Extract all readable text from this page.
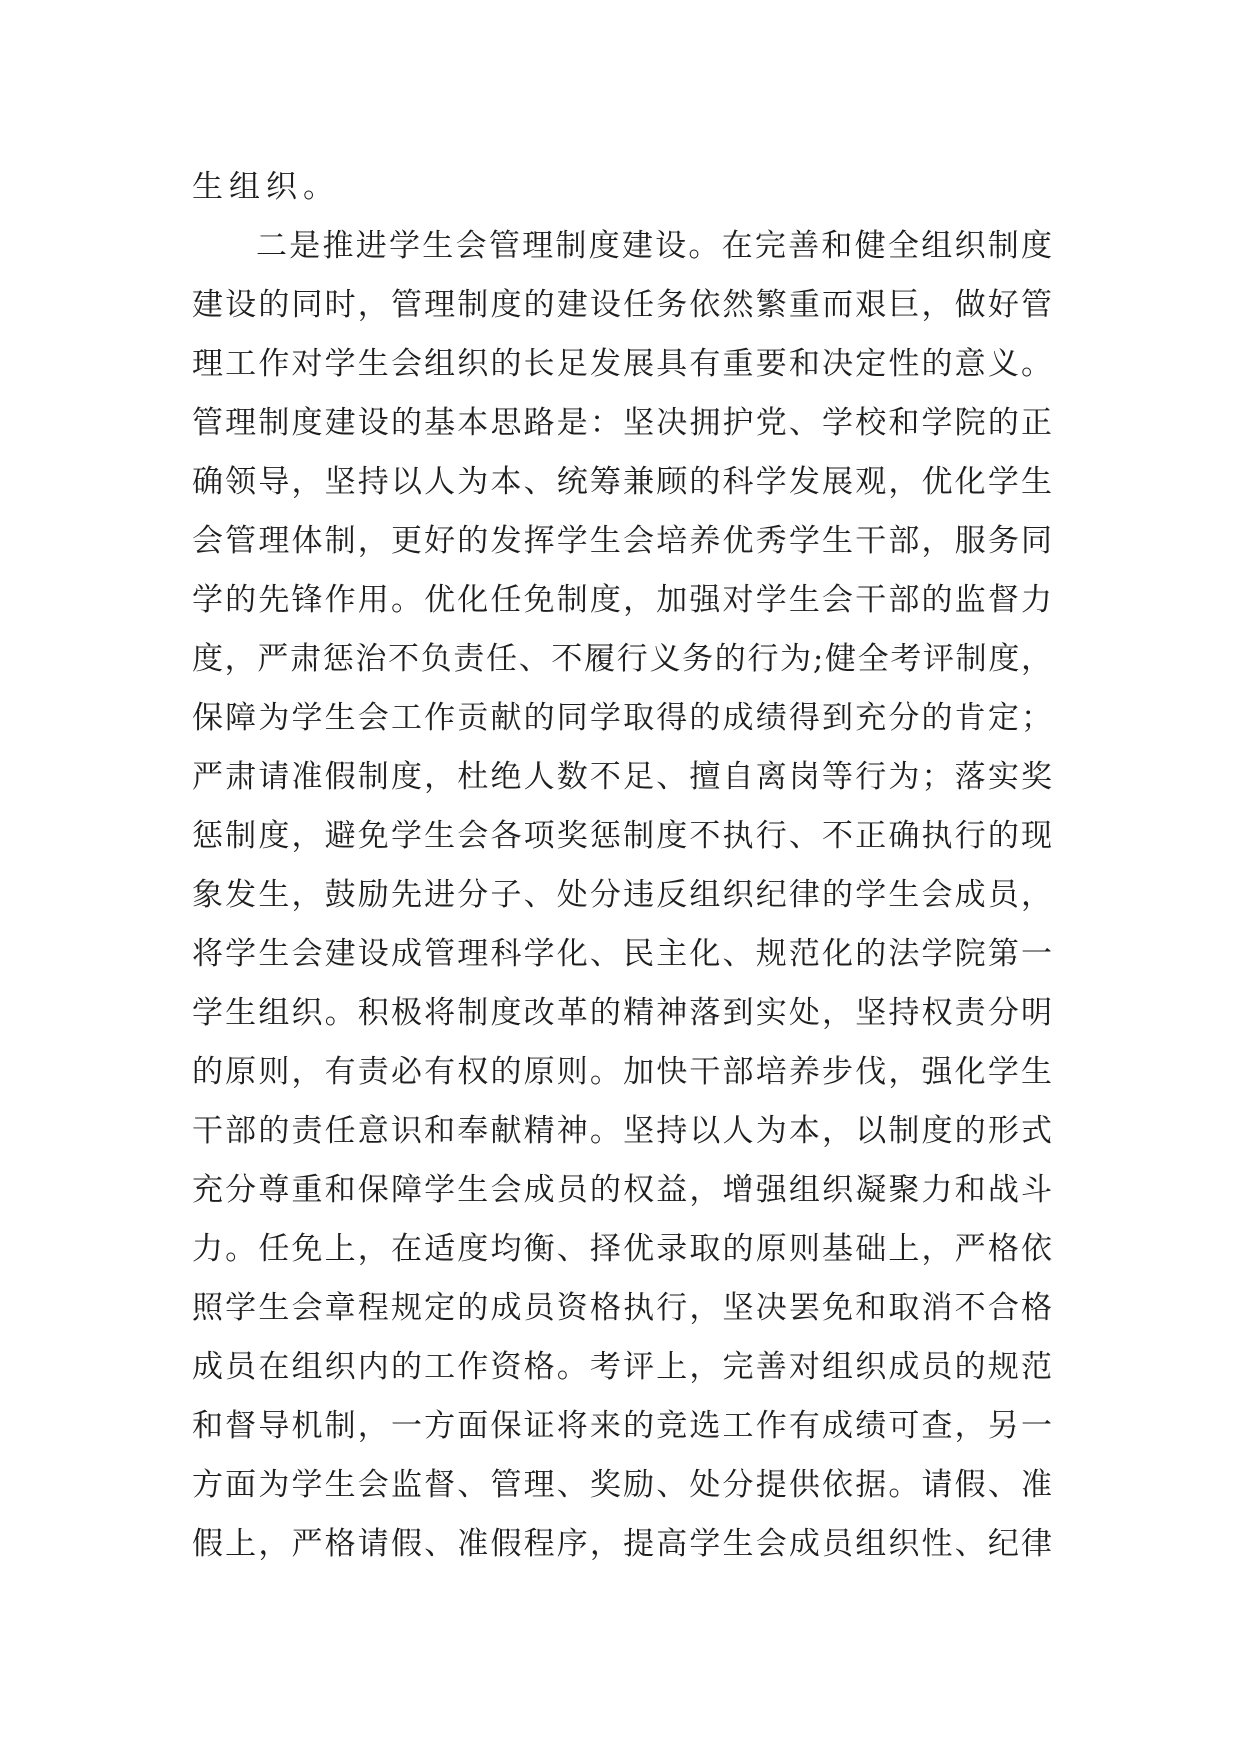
生组织。
二是推进学生会管理制度建设。在完善和健全组织制度
建设的同时，管理制度的建设任务依然繁重而艰巨，做好管
理工作对学生会组织的长足发展具有重要和决定性的意义。
管理制度建设的基本思路是：坚决拥护党、学校和学院的正
确领导，坚持以人为本、统筹兼顾的科学发展观，优化学生
会管理体制，更好的发挥学生会培养优秀学生干部，服务同
学的先锋作用。优化任免制度，加强对学生会干部的监督力
度，严肃惩治不负责任、不履行义务的行为;健全考评制度，
保障为学生会工作贡献的同学取得的成绩得到充分的肯定；
严肃请准假制度，杜绝人数不足、擅自离岗等行为；落实奖
惩制度，避免学生会各项奖惩制度不执行、不正确执行的现
象发生，鼓励先进分子、处分违反组织纪律的学生会成员，
将学生会建设成管理科学化、民主化、规范化的法学院第一
学生组织。积极将制度改革的精神落到实处，坚持权责分明
的原则，有责必有权的原则。加快干部培养步伐，强化学生
干部的责任意识和奉献精神。坚持以人为本，以制度的形式
充分尊重和保障学生会成员的权益，增强组织凝聚力和战斗
力。任免上，在适度均衡、择优录取的原则基础上，严格依
照学生会章程规定的成员资格执行，坚决罢免和取消不合格
成员在组织内的工作资格。考评上，完善对组织成员的规范
和督导机制，一方面保证将来的竞选工作有成绩可查，另一
方面为学生会监督、管理、奖励、处分提供依据。请假、准
假上，严格请假、准假程序，提高学生会成员组织性、纪律
